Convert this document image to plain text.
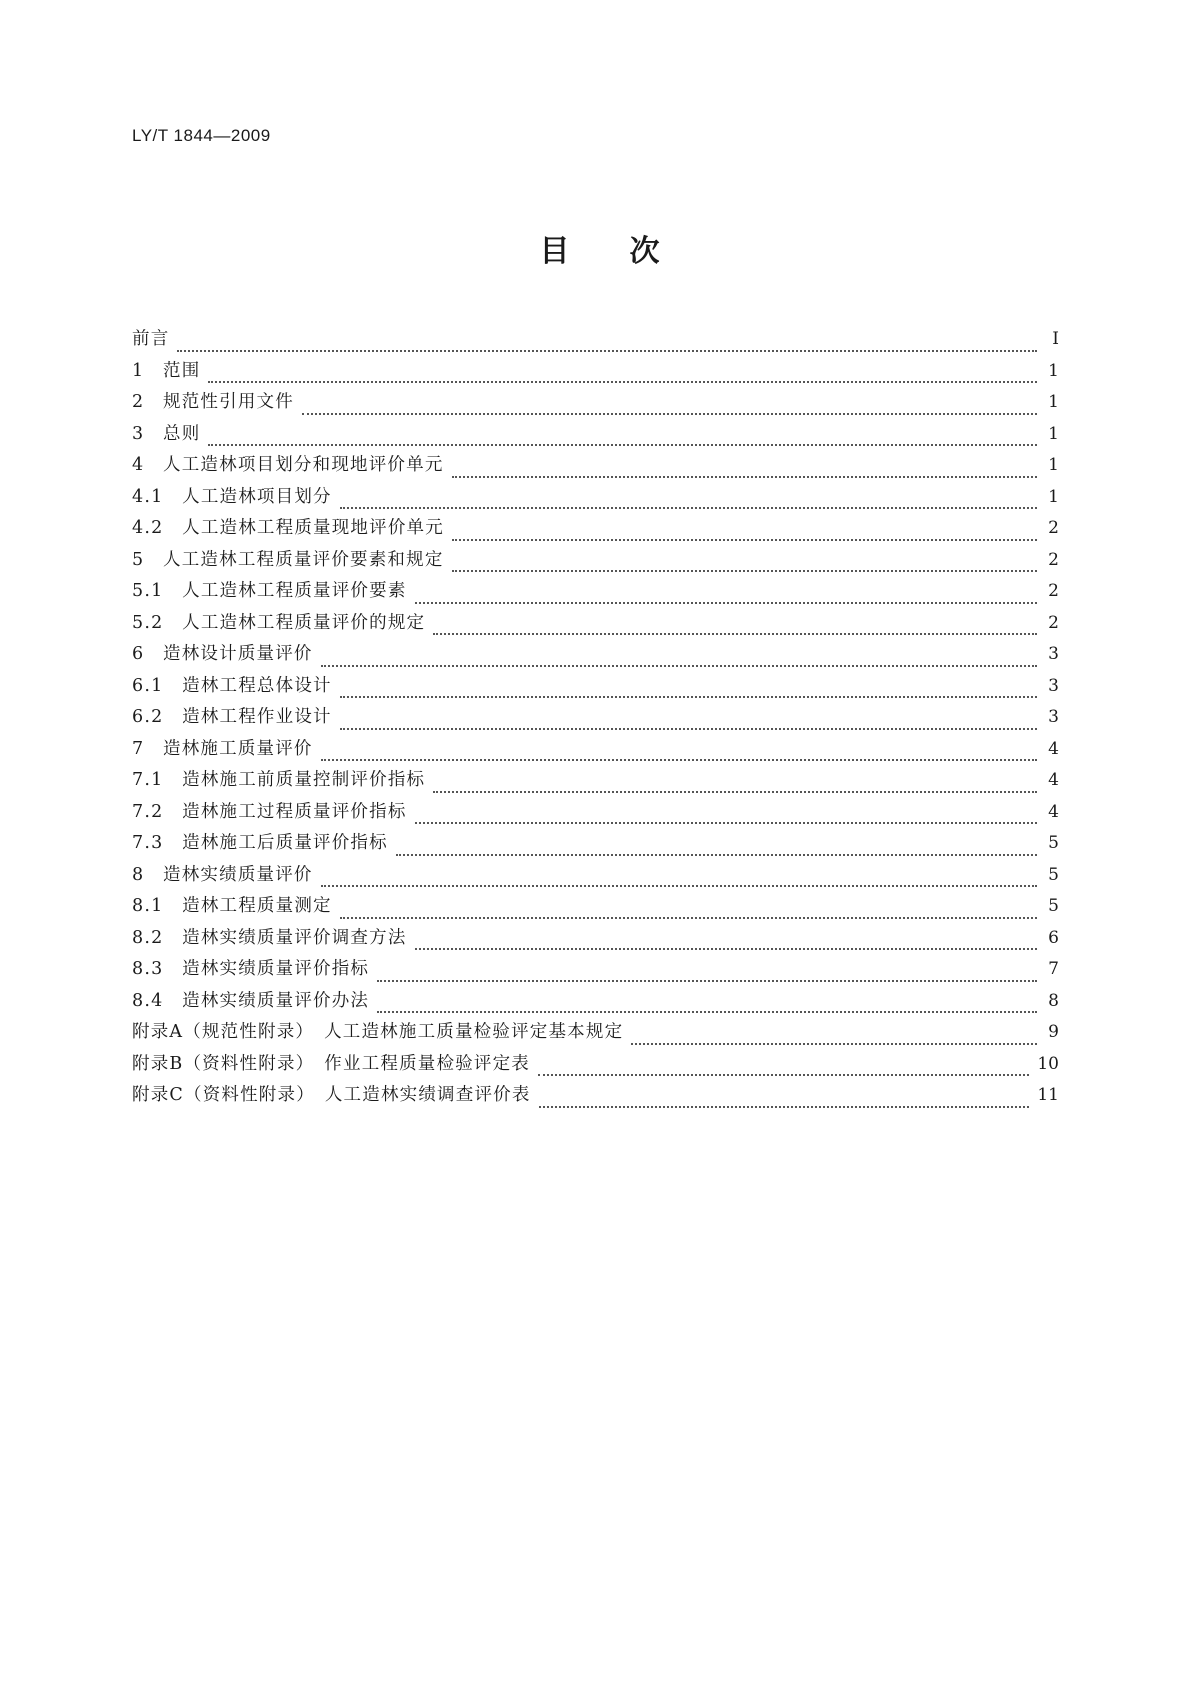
LY/T 1844—2009

目 次
前言	Ⅰ
1　范围	1
2　规范性引用文件	1
3　总则	1
4　人工造林项目划分和现地评价单元	1
4.1　人工造林项目划分	1
4.2　人工造林工程质量现地评价单元	2
5　人工造林工程质量评价要素和规定	2
5.1　人工造林工程质量评价要素	2
5.2　人工造林工程质量评价的规定	2
6　造林设计质量评价	3
6.1　造林工程总体设计	3
6.2　造林工程作业设计	3
7　造林施工质量评价	4
7.1　造林施工前质量控制评价指标	4
7.2　造林施工过程质量评价指标	4
7.3　造林施工后质量评价指标	5
8　造林实绩质量评价	5
8.1　造林工程质量测定	5
8.2　造林实绩质量评价调查方法	6
8.3　造林实绩质量评价指标	7
8.4　造林实绩质量评价办法	8
附录A（规范性附录）　人工造林施工质量检验评定基本规定	9
附录B（资料性附录）　作业工程质量检验评定表	10
附录C（资料性附录）　人工造林实绩调查评价表	11
